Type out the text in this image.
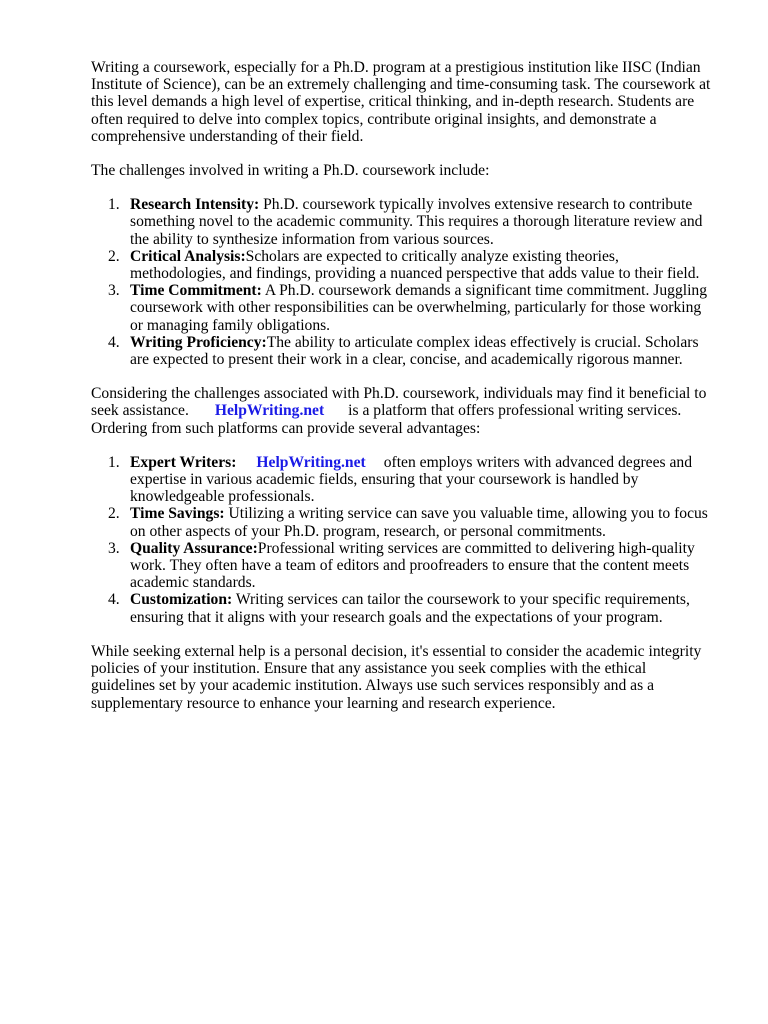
Writing a coursework, especially for a Ph.D. program at a prestigious institution like IISC (Indian Institute of Science), can be an extremely challenging and time-consuming task. The coursework at this level demands a high level of expertise, critical thinking, and in-depth research. Students are often required to delve into complex topics, contribute original insights, and demonstrate a comprehensive understanding of their field.

The challenges involved in writing a Ph.D. coursework include:

1. Research Intensity: Ph.D. coursework typically involves extensive research to contribute something novel to the academic community. This requires a thorough literature review and the ability to synthesize information from various sources.
2. Critical Analysis:Scholars are expected to critically analyze existing theories, methodologies, and findings, providing a nuanced perspective that adds value to their field.
3. Time Commitment: A Ph.D. coursework demands a significant time commitment. Juggling coursework with other responsibilities can be overwhelming, particularly for those working or managing family obligations.
4. Writing Proficiency:The ability to articulate complex ideas effectively is crucial. Scholars are expected to present their work in a clear, concise, and academically rigorous manner.

Considering the challenges associated with Ph.D. coursework, individuals may find it beneficial to seek assistance. HelpWriting.net is a platform that offers professional writing services. Ordering from such platforms can provide several advantages:

1. Expert Writers: HelpWriting.net often employs writers with advanced degrees and expertise in various academic fields, ensuring that your coursework is handled by knowledgeable professionals.
2. Time Savings: Utilizing a writing service can save you valuable time, allowing you to focus on other aspects of your Ph.D. program, research, or personal commitments.
3. Quality Assurance:Professional writing services are committed to delivering high-quality work. They often have a team of editors and proofreaders to ensure that the content meets academic standards.
4. Customization: Writing services can tailor the coursework to your specific requirements, ensuring that it aligns with your research goals and the expectations of your program.

While seeking external help is a personal decision, it's essential to consider the academic integrity policies of your institution. Ensure that any assistance you seek complies with the ethical guidelines set by your academic institution. Always use such services responsibly and as a supplementary resource to enhance your learning and research experience.
